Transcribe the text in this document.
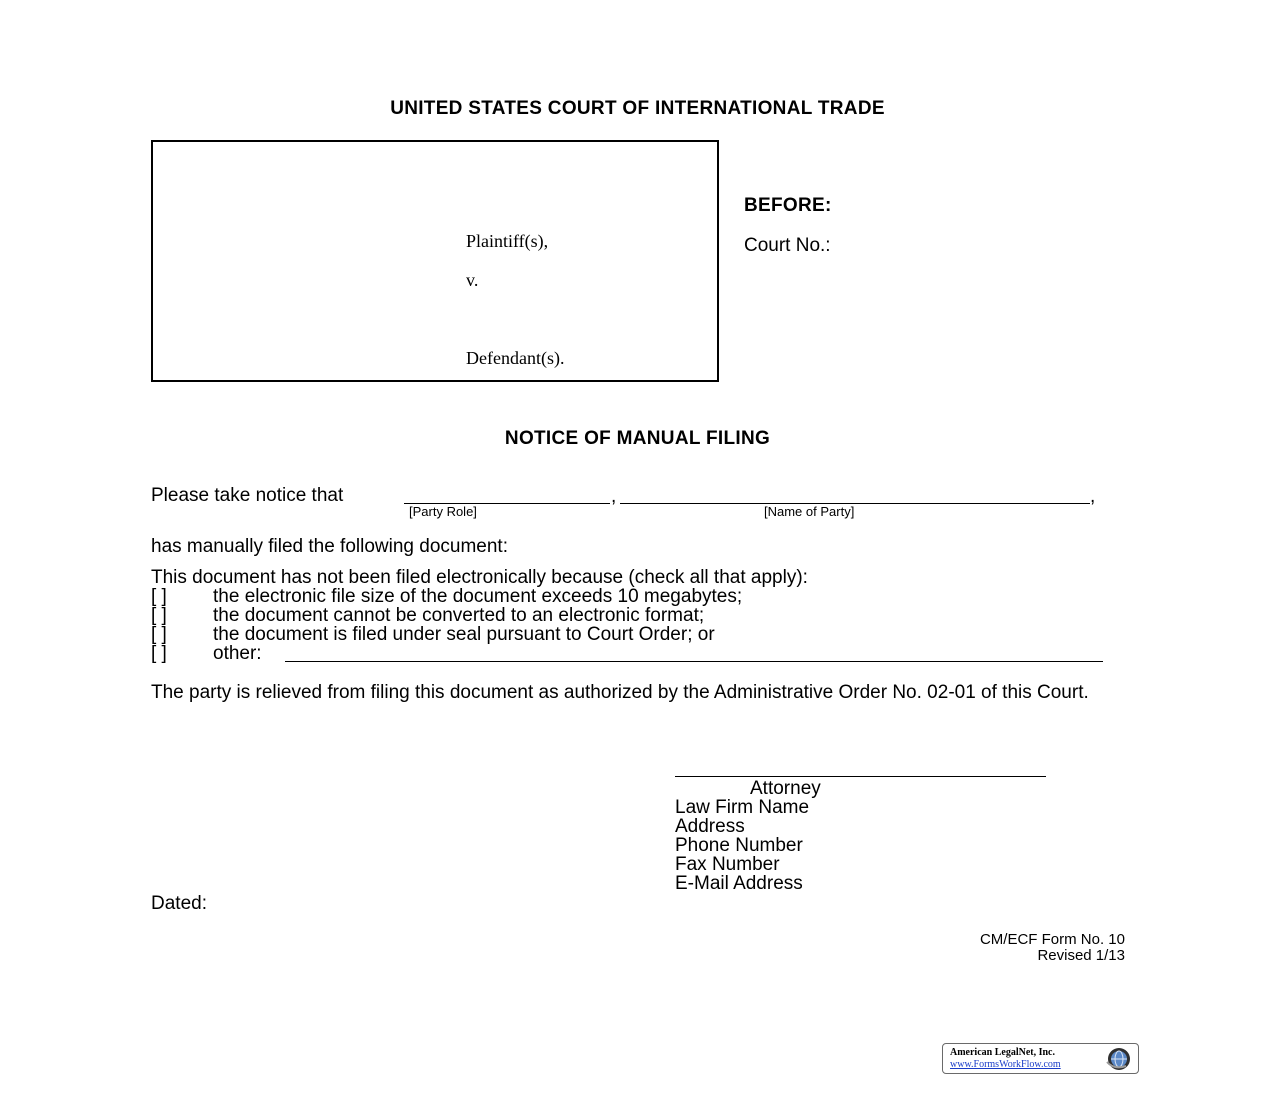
UNITED STATES COURT OF INTERNATIONAL TRADE
Plaintiff(s),
v.
Defendant(s).
BEFORE:
Court No.:
NOTICE OF MANUAL FILING
Please take notice that	,	,
[Party Role]	[Name of Party]
has manually filed the following document:
This document has not been filed electronically because (check all that apply):
[ ] the electronic file size of the document exceeds 10 megabytes;
[ ] the document cannot be converted to an electronic format;
[ ] the document is filed under seal pursuant to Court Order; or
[ ] other:
The party is relieved from filing this document as authorized by the Administrative Order No. 02-01 of this Court.
Attorney
Law Firm Name
Address
Phone Number
Fax Number
E-Mail Address
Dated:
CM/ECF Form No. 10
Revised 1/13
American LegalNet, Inc.
www.FormsWorkFlow.com
